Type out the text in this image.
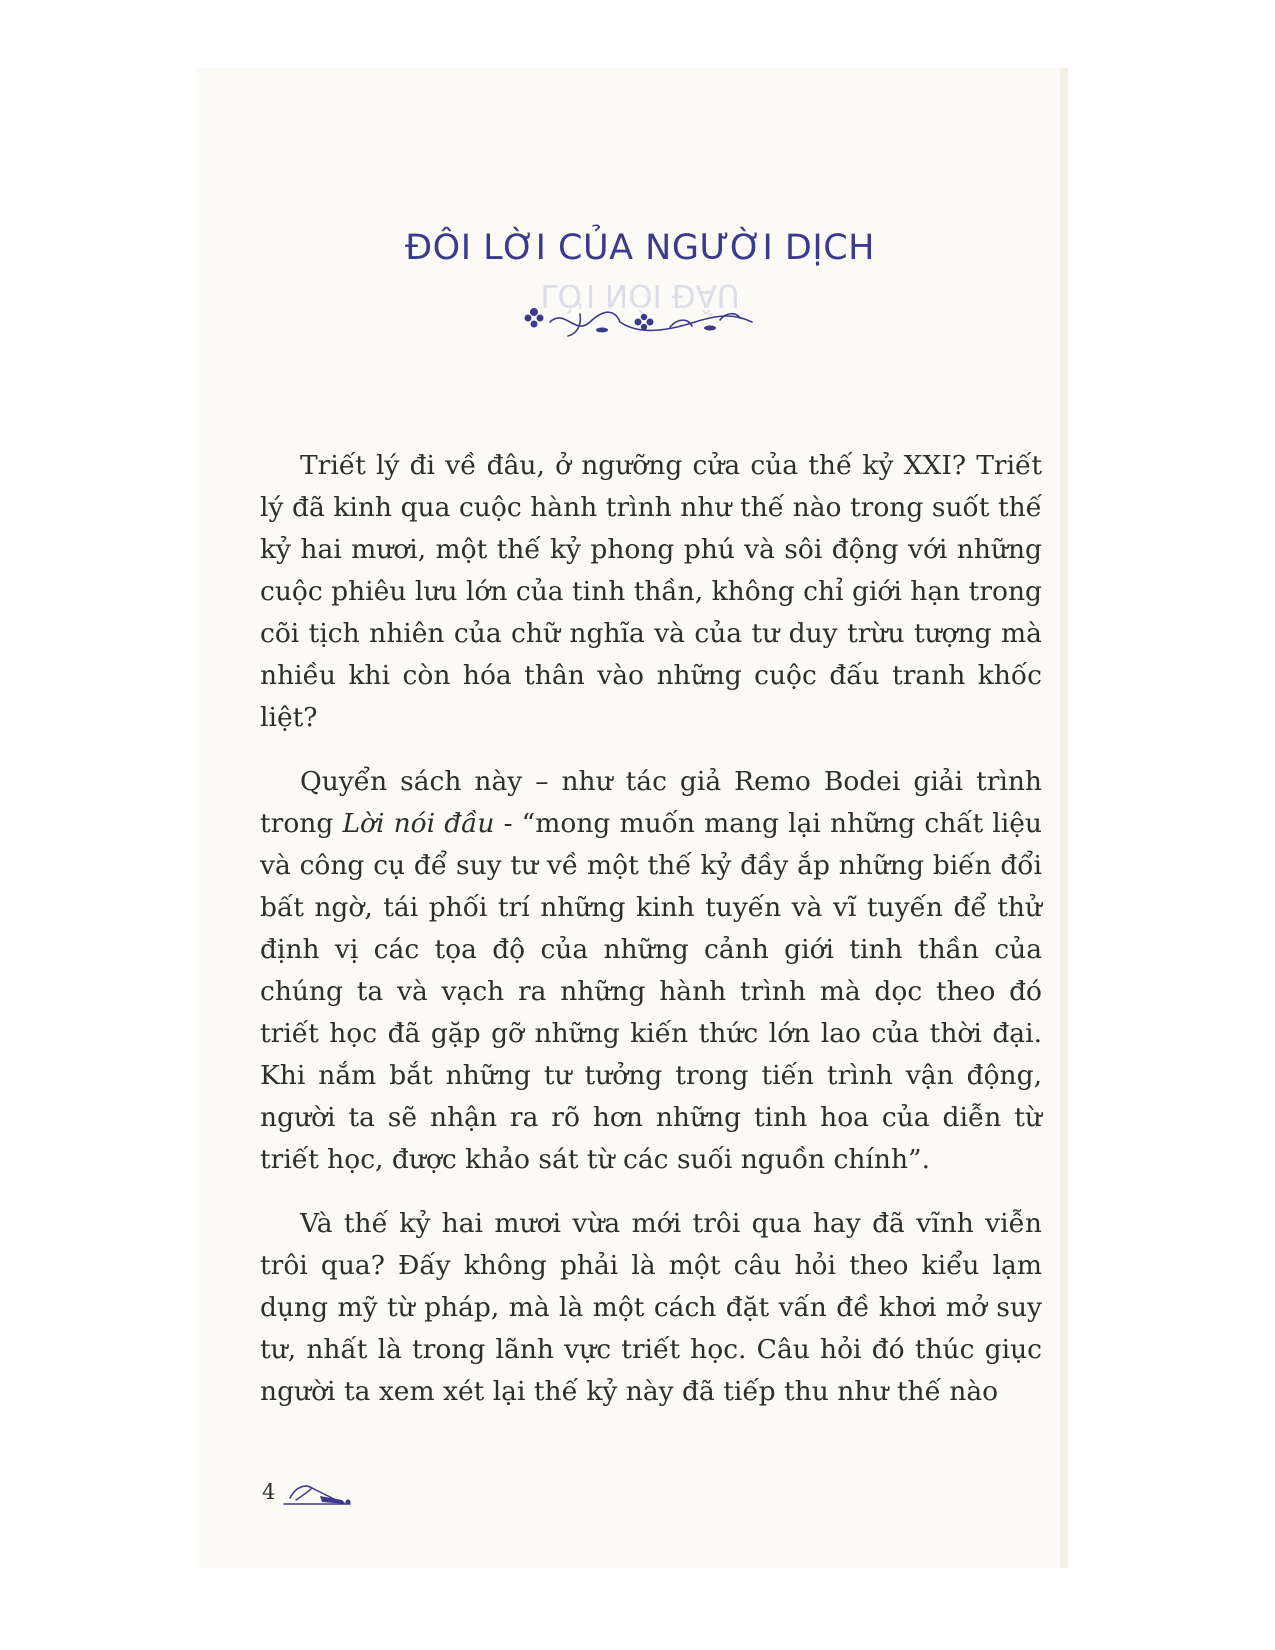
ĐÔI LỜI CỦA NGƯỜI DỊCH
LỜI NÓI ĐẦU

Triết lý đi về đâu, ở ngưỡng cửa của thế kỷ XXI? Triết lý đã kinh qua cuộc hành trình như thế nào trong suốt thế kỷ hai mươi, một thế kỷ phong phú và sôi động với những cuộc phiêu lưu lớn của tinh thần, không chỉ giới hạn trong cõi tịch nhiên của chữ nghĩa và của tư duy trừu tượng mà nhiều khi còn hóa thân vào những cuộc đấu tranh khốc liệt?

Quyển sách này – như tác giả Remo Bodei giải trình trong Lời nói đầu - “mong muốn mang lại những chất liệu và công cụ để suy tư về một thế kỷ đầy ắp những biến đổi bất ngờ, tái phối trí những kinh tuyến và vĩ tuyến để thử định vị các tọa độ của những cảnh giới tinh thần của chúng ta và vạch ra những hành trình mà dọc theo đó triết học đã gặp gỡ những kiến thức lớn lao của thời đại. Khi nắm bắt những tư tưởng trong tiến trình vận động, người ta sẽ nhận ra rõ hơn những tinh hoa của diễn từ triết học, được khảo sát từ các suối nguồn chính”.

Và thế kỷ hai mươi vừa mới trôi qua hay đã vĩnh viễn trôi qua? Đấy không phải là một câu hỏi theo kiểu lạm dụng mỹ từ pháp, mà là một cách đặt vấn đề khơi mở suy tư, nhất là trong lãnh vực triết học. Câu hỏi đó thúc giục người ta xem xét lại thế kỷ này đã tiếp thu như thế nào

4
